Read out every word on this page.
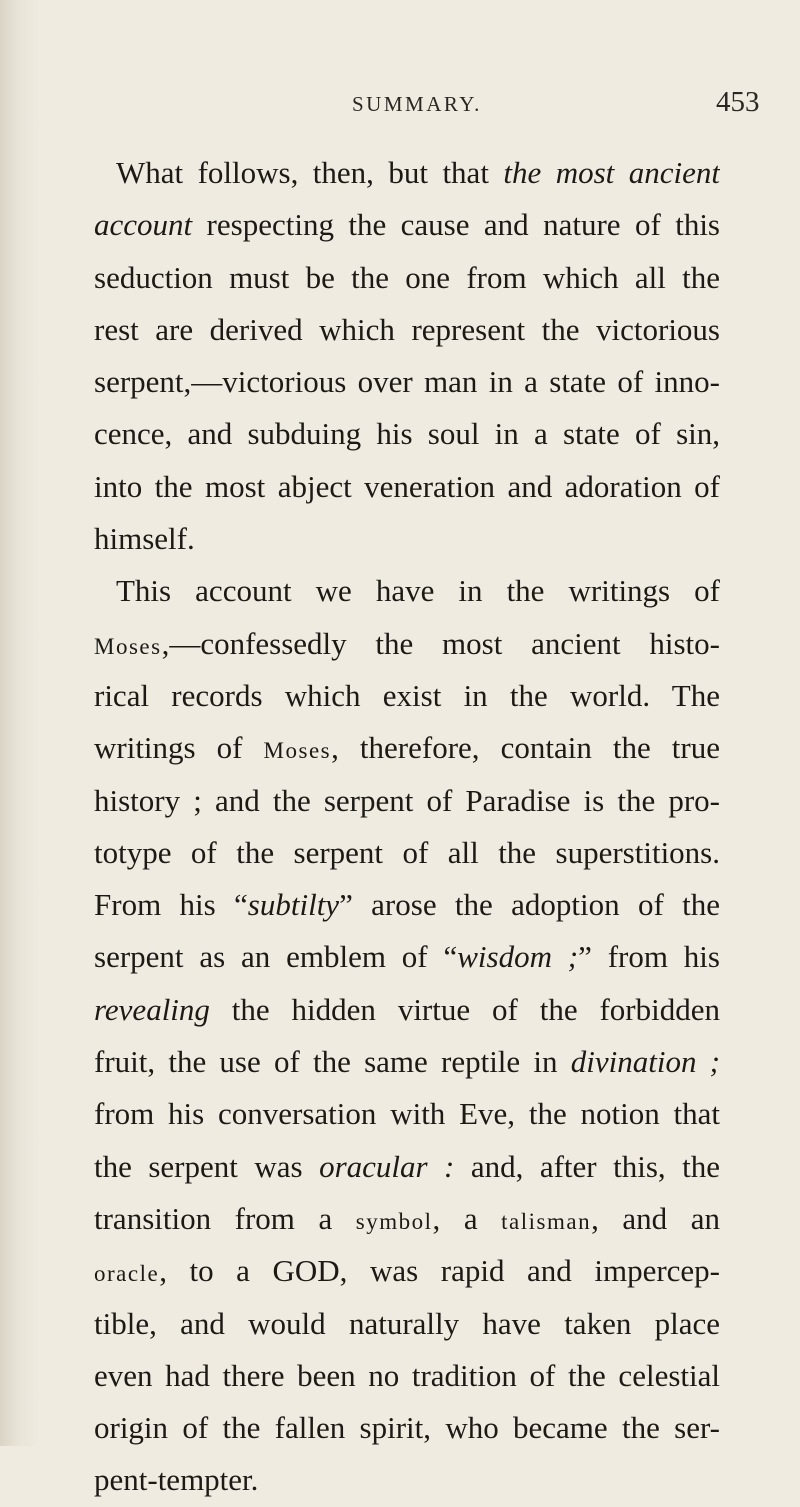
SUMMARY.	453
What follows, then, but that the most ancient
account respecting the cause and nature of this
seduction must be the one from which all the
rest are derived which represent the victorious
serpent,—victorious over man in a state of inno-
cence, and subduing his soul in a state of sin,
into the most abject veneration and adoration of
himself.
This account we have in the writings of
Moses,—confessedly the most ancient histo-
rical records which exist in the world. The
writings of Moses, therefore, contain the true
history ; and the serpent of Paradise is the pro-
totype of the serpent of all the superstitions.
From his “subtilty” arose the adoption of the
serpent as an emblem of “wisdom ;” from his
revealing the hidden virtue of the forbidden
fruit, the use of the same reptile in divination ;
from his conversation with Eve, the notion that
the serpent was oracular : and, after this, the
transition from a symbol, a talisman, and an
oracle, to a GOD, was rapid and impercep-
tible, and would naturally have taken place
even had there been no tradition of the celestial
origin of the fallen spirit, who became the ser-
pent-tempter.
